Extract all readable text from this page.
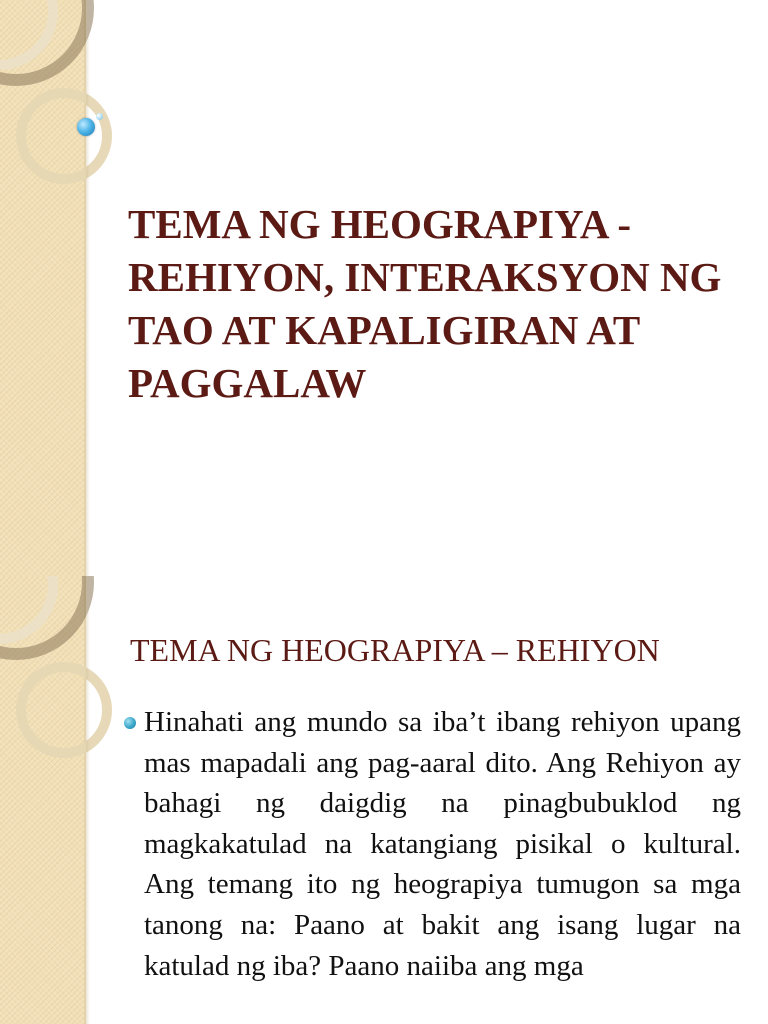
TEMA NG HEOGRAPIYA - REHIYON, INTERAKSYON NG TAO AT KAPALIGIRAN AT PAGGALAW
TEMA NG HEOGRAPIYA – REHIYON

Hinahati ang mundo sa iba’t ibang rehiyon upang mas mapadali ang pag-aaral dito. Ang Rehiyon ay bahagi ng daigdig na pinagbubuklod ng magkakatulad na katangiang pisikal o kultural. Ang temang ito ng heograpiya tumugon sa mga tanong na: Paano at bakit ang isang lugar na katulad ng iba? Paano naiiba ang mga
